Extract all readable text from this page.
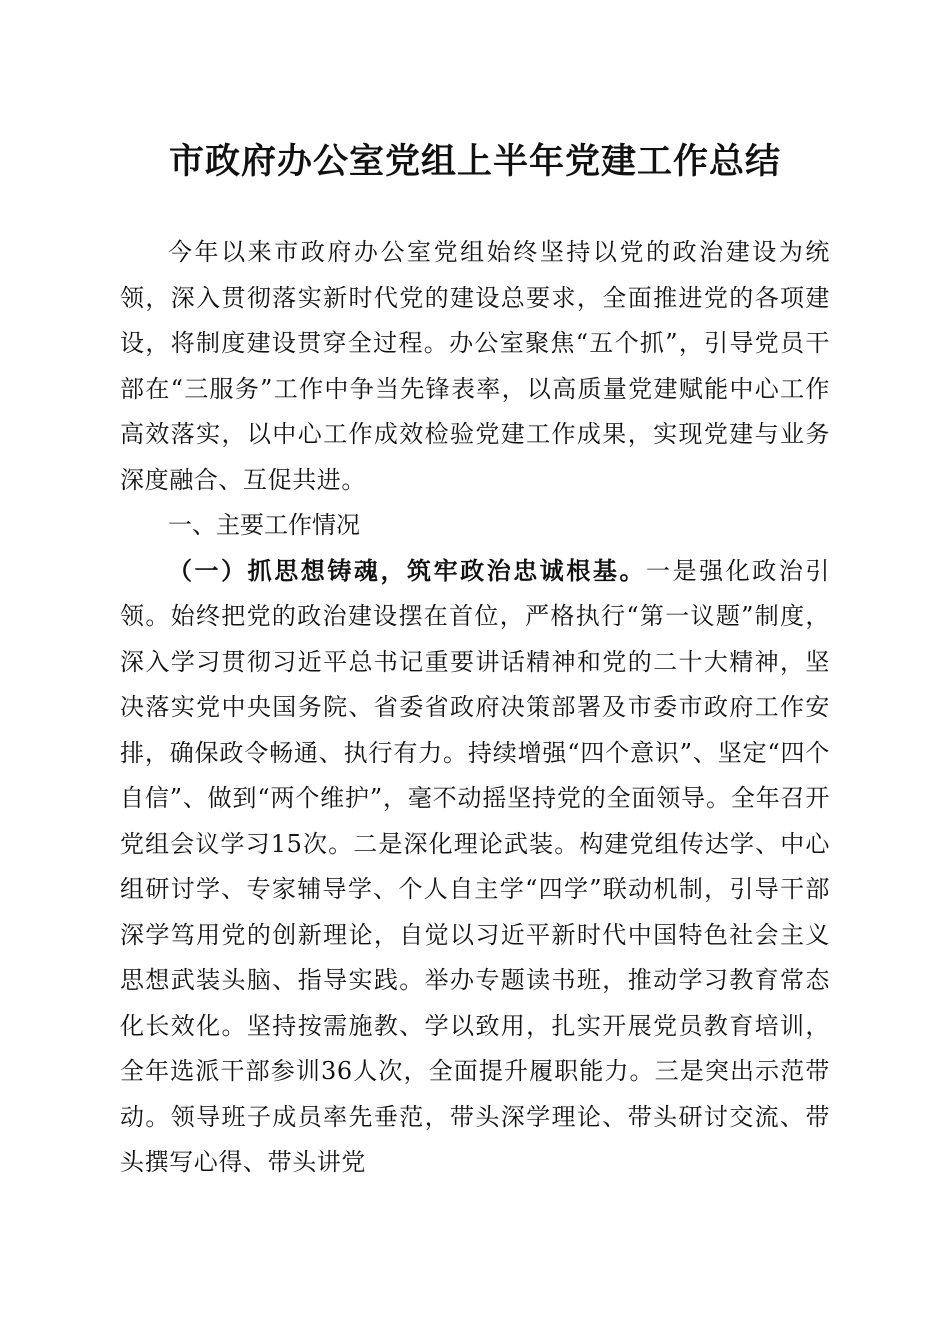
市政府办公室党组上半年党建工作总结

今年以来市政府办公室党组始终坚持以党的政治建设为统领，深入贯彻落实新时代党的建设总要求，全面推进党的各项建设，将制度建设贯穿全过程。办公室聚焦“五个抓”，引导党员干部在“三服务”工作中争当先锋表率，以高质量党建赋能中心工作高效落实，以中心工作成效检验党建工作成果，实现党建与业务深度融合、互促共进。

一、主要工作情况

（一）抓思想铸魂，筑牢政治忠诚根基。一是强化政治引领。始终把党的政治建设摆在首位，严格执行“第一议题”制度，深入学习贯彻习近平总书记重要讲话精神和党的二十大精神，坚决落实党中央国务院、省委省政府决策部署及市委市政府工作安排，确保政令畅通、执行有力。持续增强“四个意识”、坚定“四个自信”、做到“两个维护”，毫不动摇坚持党的全面领导。全年召开党组会议学习15次。二是深化理论武装。构建党组传达学、中心组研讨学、专家辅导学、个人自主学“四学”联动机制，引导干部深学笃用党的创新理论，自觉以习近平新时代中国特色社会主义思想武装头脑、指导实践。举办专题读书班，推动学习教育常态化长效化。坚持按需施教、学以致用，扎实开展党员教育培训，全年选派干部参训36人次，全面提升履职能力。三是突出示范带动。领导班子成员率先垂范，带头深学理论、带头研讨交流、带头撰写心得、带头讲党
